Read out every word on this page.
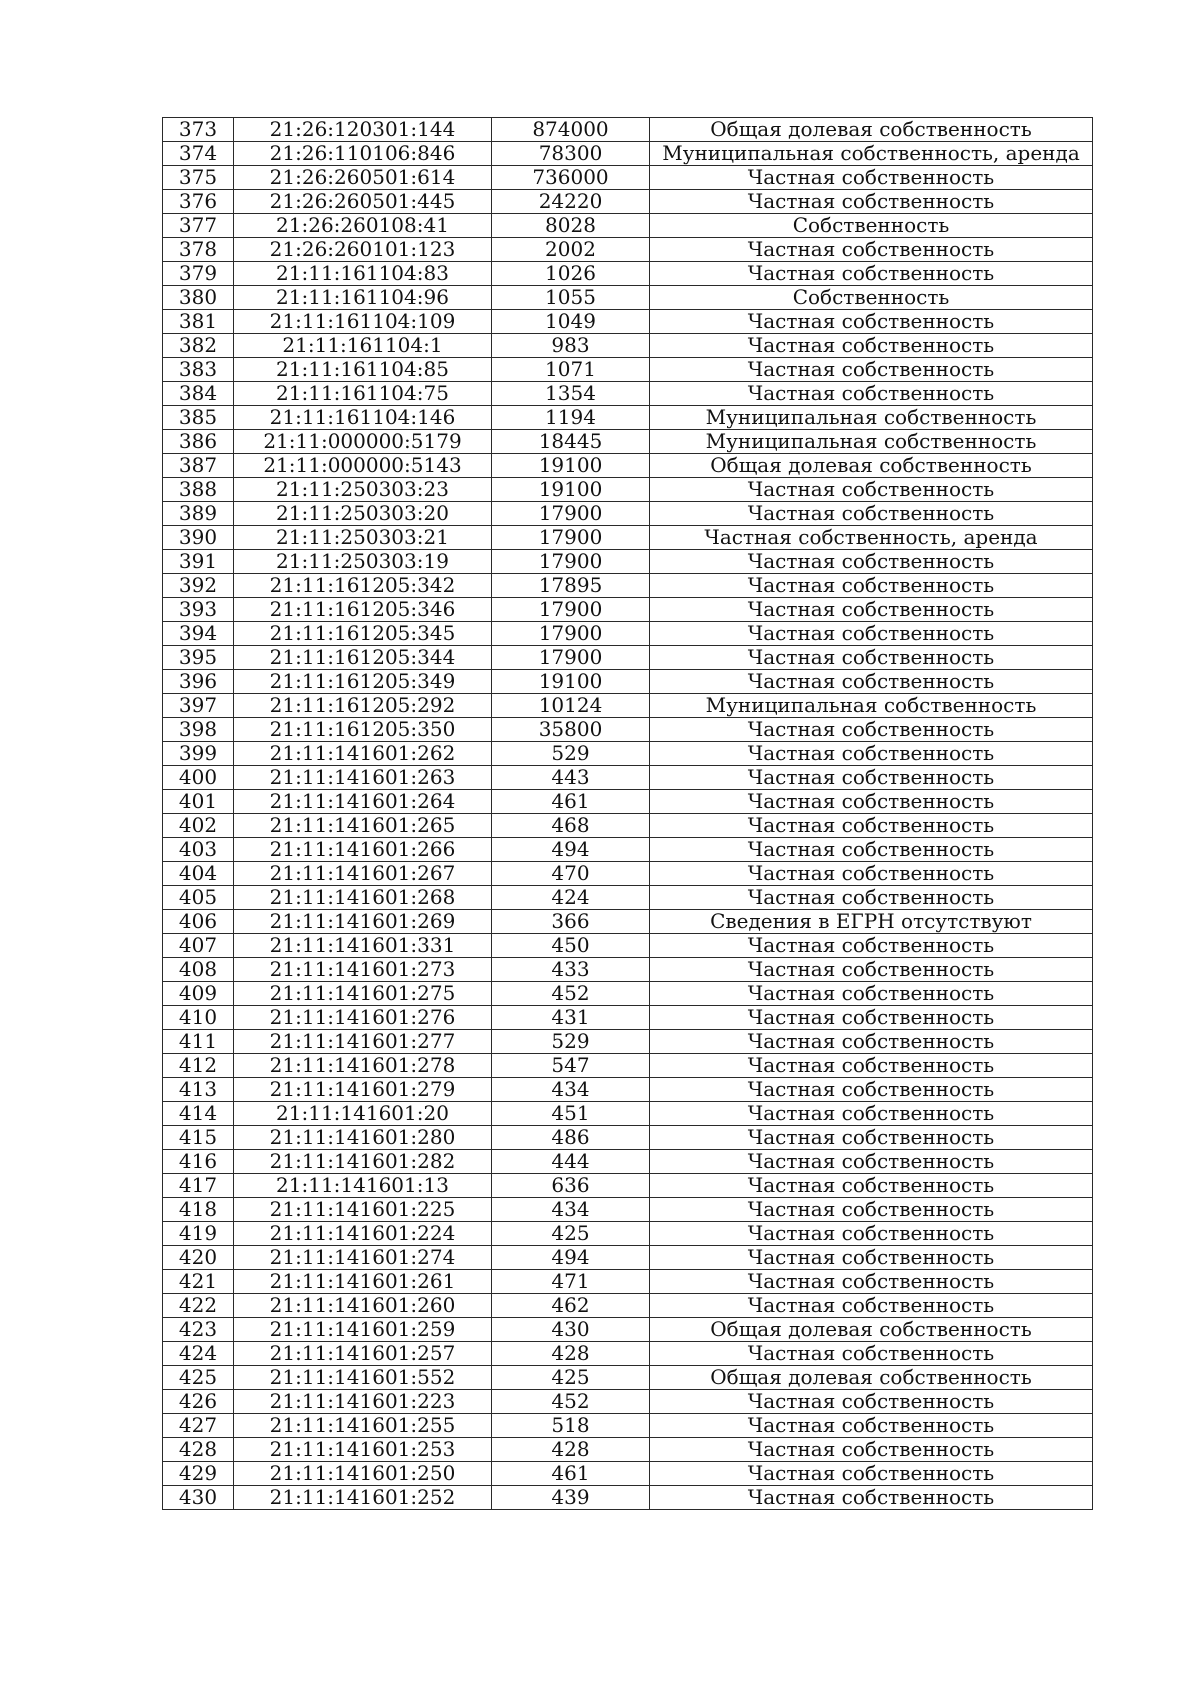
373	21:26:120301:144	874000	Общая долевая собственность
374	21:26:110106:846	78300	Муниципальная собственность, аренда
375	21:26:260501:614	736000	Частная собственность
376	21:26:260501:445	24220	Частная собственность
377	21:26:260108:41	8028	Собственность
378	21:26:260101:123	2002	Частная собственность
379	21:11:161104:83	1026	Частная собственность
380	21:11:161104:96	1055	Собственность
381	21:11:161104:109	1049	Частная собственность
382	21:11:161104:1	983	Частная собственность
383	21:11:161104:85	1071	Частная собственность
384	21:11:161104:75	1354	Частная собственность
385	21:11:161104:146	1194	Муниципальная собственность
386	21:11:000000:5179	18445	Муниципальная собственность
387	21:11:000000:5143	19100	Общая долевая собственность
388	21:11:250303:23	19100	Частная собственность
389	21:11:250303:20	17900	Частная собственность
390	21:11:250303:21	17900	Частная собственность, аренда
391	21:11:250303:19	17900	Частная собственность
392	21:11:161205:342	17895	Частная собственность
393	21:11:161205:346	17900	Частная собственность
394	21:11:161205:345	17900	Частная собственность
395	21:11:161205:344	17900	Частная собственность
396	21:11:161205:349	19100	Частная собственность
397	21:11:161205:292	10124	Муниципальная собственность
398	21:11:161205:350	35800	Частная собственность
399	21:11:141601:262	529	Частная собственность
400	21:11:141601:263	443	Частная собственность
401	21:11:141601:264	461	Частная собственность
402	21:11:141601:265	468	Частная собственность
403	21:11:141601:266	494	Частная собственность
404	21:11:141601:267	470	Частная собственность
405	21:11:141601:268	424	Частная собственность
406	21:11:141601:269	366	Сведения в ЕГРН отсутствуют
407	21:11:141601:331	450	Частная собственность
408	21:11:141601:273	433	Частная собственность
409	21:11:141601:275	452	Частная собственность
410	21:11:141601:276	431	Частная собственность
411	21:11:141601:277	529	Частная собственность
412	21:11:141601:278	547	Частная собственность
413	21:11:141601:279	434	Частная собственность
414	21:11:141601:20	451	Частная собственность
415	21:11:141601:280	486	Частная собственность
416	21:11:141601:282	444	Частная собственность
417	21:11:141601:13	636	Частная собственность
418	21:11:141601:225	434	Частная собственность
419	21:11:141601:224	425	Частная собственность
420	21:11:141601:274	494	Частная собственность
421	21:11:141601:261	471	Частная собственность
422	21:11:141601:260	462	Частная собственность
423	21:11:141601:259	430	Общая долевая собственность
424	21:11:141601:257	428	Частная собственность
425	21:11:141601:552	425	Общая долевая собственность
426	21:11:141601:223	452	Частная собственность
427	21:11:141601:255	518	Частная собственность
428	21:11:141601:253	428	Частная собственность
429	21:11:141601:250	461	Частная собственность
430	21:11:141601:252	439	Частная собственность
